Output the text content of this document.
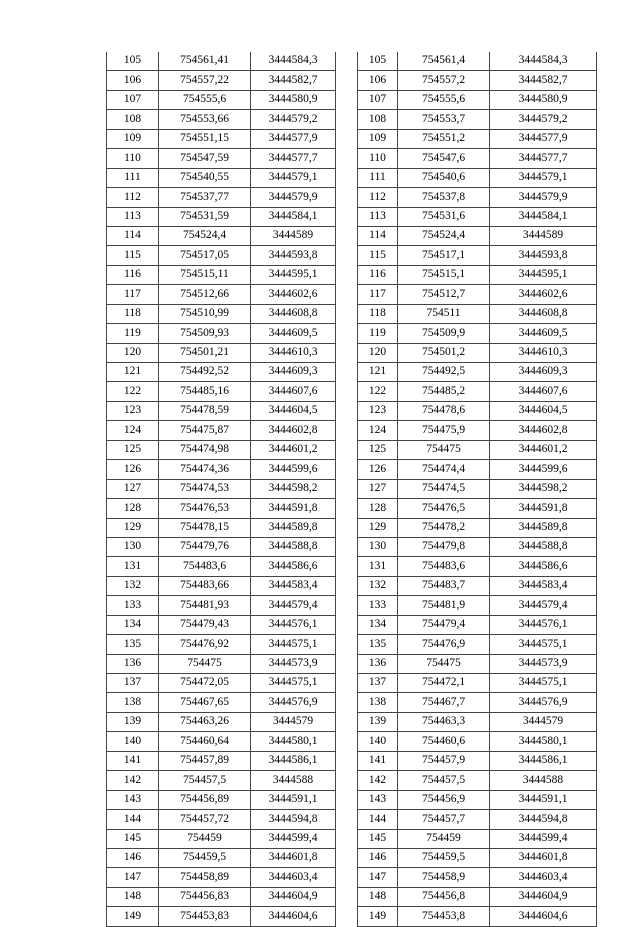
105	754561,41	3444584,3		105	754561,4	3444584,3
106	754557,22	3444582,7		106	754557,2	3444582,7
107	754555,6	3444580,9		107	754555,6	3444580,9
108	754553,66	3444579,2		108	754553,7	3444579,2
109	754551,15	3444577,9		109	754551,2	3444577,9
110	754547,59	3444577,7		110	754547,6	3444577,7
111	754540,55	3444579,1		111	754540,6	3444579,1
112	754537,77	3444579,9		112	754537,8	3444579,9
113	754531,59	3444584,1		113	754531,6	3444584,1
114	754524,4	3444589		114	754524,4	3444589
115	754517,05	3444593,8		115	754517,1	3444593,8
116	754515,11	3444595,1		116	754515,1	3444595,1
117	754512,66	3444602,6		117	754512,7	3444602,6
118	754510,99	3444608,8		118	754511	3444608,8
119	754509,93	3444609,5		119	754509,9	3444609,5
120	754501,21	3444610,3		120	754501,2	3444610,3
121	754492,52	3444609,3		121	754492,5	3444609,3
122	754485,16	3444607,6		122	754485,2	3444607,6
123	754478,59	3444604,5		123	754478,6	3444604,5
124	754475,87	3444602,8		124	754475,9	3444602,8
125	754474,98	3444601,2		125	754475	3444601,2
126	754474,36	3444599,6		126	754474,4	3444599,6
127	754474,53	3444598,2		127	754474,5	3444598,2
128	754476,53	3444591,8		128	754476,5	3444591,8
129	754478,15	3444589,8		129	754478,2	3444589,8
130	754479,76	3444588,8		130	754479,8	3444588,8
131	754483,6	3444586,6		131	754483,6	3444586,6
132	754483,66	3444583,4		132	754483,7	3444583,4
133	754481,93	3444579,4		133	754481,9	3444579,4
134	754479,43	3444576,1		134	754479,4	3444576,1
135	754476,92	3444575,1		135	754476,9	3444575,1
136	754475	3444573,9		136	754475	3444573,9
137	754472,05	3444575,1		137	754472,1	3444575,1
138	754467,65	3444576,9		138	754467,7	3444576,9
139	754463,26	3444579		139	754463,3	3444579
140	754460,64	3444580,1		140	754460,6	3444580,1
141	754457,89	3444586,1		141	754457,9	3444586,1
142	754457,5	3444588		142	754457,5	3444588
143	754456,89	3444591,1		143	754456,9	3444591,1
144	754457,72	3444594,8		144	754457,7	3444594,8
145	754459	3444599,4		145	754459	3444599,4
146	754459,5	3444601,8		146	754459,5	3444601,8
147	754458,89	3444603,4		147	754458,9	3444603,4
148	754456,83	3444604,9		148	754456,8	3444604,9
149	754453,83	3444604,6		149	754453,8	3444604,6
